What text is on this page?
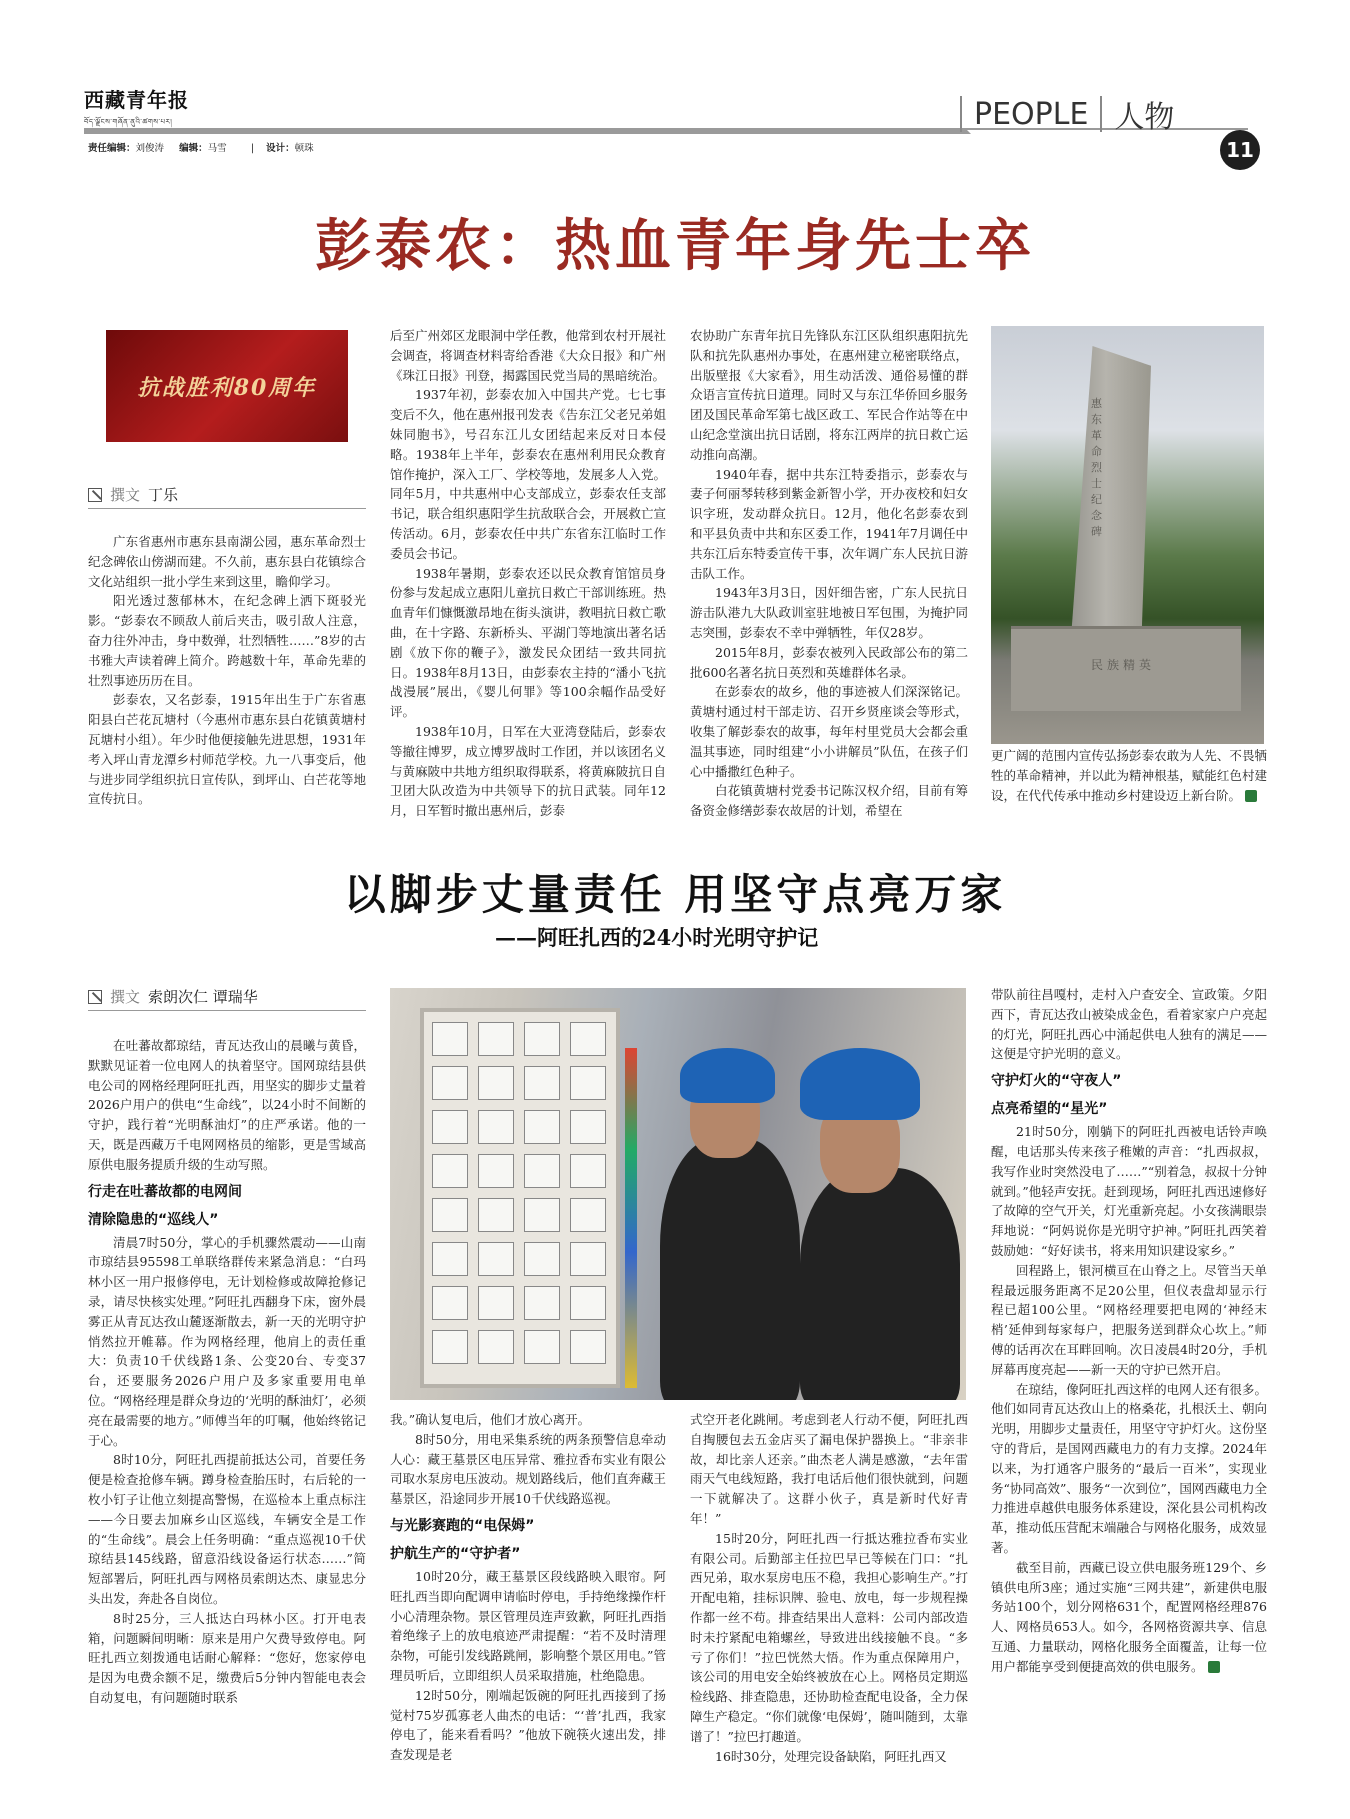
西藏青年报
བོད་ལྗོངས་གཞོན་ནུའི་ཚགས་པར།
责任编辑：刘俊涛 编辑：马雪	| 设计：顿珠
PEOPLE 人物
11
彭泰农：热血青年身先士卒
抗战胜利80周年
撰文 丁乐

广东省惠州市惠东县南湖公园，惠东革命烈士纪念碑依山傍湖而建。不久前，惠东县白花镇综合文化站组织一批小学生来到这里，瞻仰学习。

阳光透过葱郁林木，在纪念碑上洒下斑驳光影。“彭泰农不顾敌人前后夹击，吸引敌人注意，奋力往外冲击，身中数弹，壮烈牺牲……”8岁的古书雅大声读着碑上简介。跨越数十年，革命先辈的壮烈事迹历历在目。

彭泰农，又名彭泰，1915年出生于广东省惠阳县白芒花瓦塘村（今惠州市惠东县白花镇黄塘村瓦塘村小组）。年少时他便接触先进思想，1931年考入坪山青龙潭乡村师范学校。九一八事变后，他与进步同学组织抗日宣传队，到坪山、白芒花等地宣传抗日。

后至广州郊区龙眼洞中学任教，他常到农村开展社会调查，将调查材料寄给香港《大众日报》和广州《珠江日报》刊登，揭露国民党当局的黑暗统治。

1937年初，彭泰农加入中国共产党。七七事变后不久，他在惠州报刊发表《告东江父老兄弟姐妹同胞书》，号召东江儿女团结起来反对日本侵略。1938年上半年，彭泰农在惠州利用民众教育馆作掩护，深入工厂、学校等地，发展多人入党。同年5月，中共惠州中心支部成立，彭泰农任支部书记，联合组织惠阳学生抗敌联合会，开展救亡宣传活动。6月，彭泰农任中共广东省东江临时工作委员会书记。

1938年暑期，彭泰农还以民众教育馆馆员身份参与发起成立惠阳儿童抗日救亡干部训练班。热血青年们慷慨激昂地在街头演讲，教唱抗日救亡歌曲，在十字路、东新桥头、平湖门等地演出著名话剧《放下你的鞭子》，激发民众团结一致共同抗日。1938年8月13日，由彭泰农主持的“潘小飞抗战漫展”展出，《婴儿何罪》等100余幅作品受好评。

1938年10月，日军在大亚湾登陆后，彭泰农等撤往博罗，成立博罗战时工作团，并以该团名义与黄麻陂中共地方组织取得联系，将黄麻陂抗日自卫团大队改造为中共领导下的抗日武装。同年12月，日军暂时撤出惠州后，彭泰

农协助广东青年抗日先锋队东江区队组织惠阳抗先队和抗先队惠州办事处，在惠州建立秘密联络点，出版壁报《大家看》，用生动活泼、通俗易懂的群众语言宣传抗日道理。同时又与东江华侨回乡服务团及国民革命军第七战区政工、军民合作站等在中山纪念堂演出抗日话剧，将东江两岸的抗日救亡运动推向高潮。

1940年春，据中共东江特委指示，彭泰农与妻子何丽琴转移到紫金新智小学，开办夜校和妇女识字班，发动群众抗日。12月，他化名彭泰农到和平县负责中共和东区委工作，1941年7月调任中共东江后东特委宣传干事，次年调广东人民抗日游击队工作。

1943年3月3日，因奸细告密，广东人民抗日游击队港九大队政训室驻地被日军包围，为掩护同志突围，彭泰农不幸中弹牺牲，年仅28岁。

2015年8月，彭泰农被列入民政部公布的第二批600名著名抗日英烈和英雄群体名录。

在彭泰农的故乡，他的事迹被人们深深铭记。黄塘村通过村干部走访、召开乡贤座谈会等形式，收集了解彭泰农的故事，每年村里党员大会都会重温其事迹，同时组建“小小讲解员”队伍，在孩子们心中播撒红色种子。

白花镇黄塘村党委书记陈汉权介绍，目前有筹备资金修缮彭泰农故居的计划，希望在

惠东革命烈士纪念碑
民族精英
更广阔的范围内宣传弘扬彭泰农敢为人先、不畏牺牲的革命精神，并以此为精神根基，赋能红色村建设，在代代传承中推动乡村建设迈上新台阶。
以脚步丈量责任 用坚守点亮万家
——阿旺扎西的24小时光明守护记
撰文 索朗次仁 谭瑞华

在吐蕃故都琼结，青瓦达孜山的晨曦与黄昏，默默见证着一位电网人的执着坚守。国网琼结县供电公司的网格经理阿旺扎西，用坚实的脚步丈量着2026户用户的供电“生命线”，以24小时不间断的守护，践行着“光明酥油灯”的庄严承诺。他的一天，既是西藏万千电网网格员的缩影，更是雪域高原供电服务提质升级的生动写照。

行走在吐蕃故都的电网间
清除隐患的“巡线人”

清晨7时50分，掌心的手机骤然震动——山南市琼结县95598工单联络群传来紧急消息：“白玛林小区一用户报修停电，无计划检修或故障抢修记录，请尽快核实处理。”阿旺扎西翻身下床，窗外晨雾正从青瓦达孜山麓逐渐散去，新一天的光明守护悄然拉开帷幕。作为网格经理，他肩上的责任重大：负责10千伏线路1条、公变20台、专变37台，还要服务2026户用户及多家重要用电单位。“网格经理是群众身边的‘光明的酥油灯’，必须亮在最需要的地方。”师傅当年的叮嘱，他始终铭记于心。

8时10分，阿旺扎西提前抵达公司，首要任务便是检查抢修车辆。蹲身检查胎压时，右后轮的一枚小钉子让他立刻提高警惕，在巡检本上重点标注——今日要去加麻乡山区巡线，车辆安全是工作的“生命线”。晨会上任务明确：“重点巡视10千伏琼结县145线路，留意沿线设备运行状态……”简短部署后，阿旺扎西与网格员索朗达杰、康显忠分头出发，奔赴各自岗位。

8时25分，三人抵达白玛林小区。打开电表箱，问题瞬间明晰：原来是用户欠费导致停电。阿旺扎西立刻拨通电话耐心解释：“您好，您家停电是因为电费余额不足，缴费后5分钟内智能电表会自动复电，有问题随时联系

我。”确认复电后，他们才放心离开。

8时50分，用电采集系统的两条预警信息牵动人心：藏王墓景区电压异常、雅拉香布实业有限公司取水泵房电压波动。规划路线后，他们直奔藏王墓景区，沿途同步开展10千伏线路巡视。

与光影赛跑的“电保姆”
护航生产的“守护者”

10时20分，藏王墓景区段线路映入眼帘。阿旺扎西当即向配调申请临时停电，手持绝缘操作杆小心清理杂物。景区管理员连声致歉，阿旺扎西指着绝缘子上的放电痕迹严肃提醒：“若不及时清理杂物，可能引发线路跳闸，影响整个景区用电。”管理员听后，立即组织人员采取措施，杜绝隐患。

12时50分，刚端起饭碗的阿旺扎西接到了扬觉村75岁孤寡老人曲杰的电话：“‘普’扎西，我家停电了，能来看看吗？”他放下碗筷火速出发，排查发现是老

式空开老化跳闸。考虑到老人行动不便，阿旺扎西自掏腰包去五金店买了漏电保护器换上。“非亲非故，却比亲人还亲。”曲杰老人满是感激，“去年雷雨天气电线短路，我打电话后他们很快就到，问题一下就解决了。这群小伙子，真是新时代好青年！”

15时20分，阿旺扎西一行抵达雅拉香布实业有限公司。后勤部主任拉巴早已等候在门口：“扎西兄弟，取水泵房电压不稳，我担心影响生产。”打开配电箱，挂标识牌、验电、放电，每一步规程操作都一丝不苟。排查结果出人意料：公司内部改造时未拧紧配电箱螺丝，导致进出线接触不良。“多亏了你们！”拉巴恍然大悟。作为重点保障用户，该公司的用电安全始终被放在心上。网格员定期巡检线路、排查隐患，还协助检查配电设备，全力保障生产稳定。“你们就像‘电保姆’，随叫随到，太靠谱了！”拉巴打趣道。

16时30分，处理完设备缺陷，阿旺扎西又

带队前往昌嘎村，走村入户查安全、宣政策。夕阳西下，青瓦达孜山被染成金色，看着家家户户亮起的灯光，阿旺扎西心中涌起供电人独有的满足——这便是守护光明的意义。

守护灯火的“守夜人”
点亮希望的“星光”

21时50分，刚躺下的阿旺扎西被电话铃声唤醒，电话那头传来孩子稚嫩的声音：“扎西叔叔，我写作业时突然没电了……”“别着急，叔叔十分钟就到。”他轻声安抚。赶到现场，阿旺扎西迅速修好了故障的空气开关，灯光重新亮起。小女孩满眼崇拜地说：“阿妈说你是光明守护神。”阿旺扎西笑着鼓励她：“好好读书，将来用知识建设家乡。”

回程路上，银河横亘在山脊之上。尽管当天单程最远服务距离不足20公里，但仪表盘却显示行程已超100公里。“网格经理要把电网的‘神经末梢’延伸到每家每户，把服务送到群众心坎上。”师傅的话再次在耳畔回响。次日凌晨4时20分，手机屏幕再度亮起——新一天的守护已然开启。

在琼结，像阿旺扎西这样的电网人还有很多。他们如同青瓦达孜山上的格桑花，扎根沃土、朝向光明，用脚步丈量责任，用坚守守护灯火。这份坚守的背后，是国网西藏电力的有力支撑。2024年以来，为打通客户服务的“最后一百米”，实现业务“协同高效”、服务“一次到位”，国网西藏电力全力推进卓越供电服务体系建设，深化县公司机构改革，推动低压营配末端融合与网格化服务，成效显著。

截至目前，西藏已设立供电服务班129个、乡镇供电所3座；通过实施“三网共建”，新建供电服务站100个，划分网格631个，配置网格经理876人、网格员653人。如今，各网格资源共享、信息互通、力量联动，网格化服务全面覆盖，让每一位用户都能享受到便捷高效的供电服务。
